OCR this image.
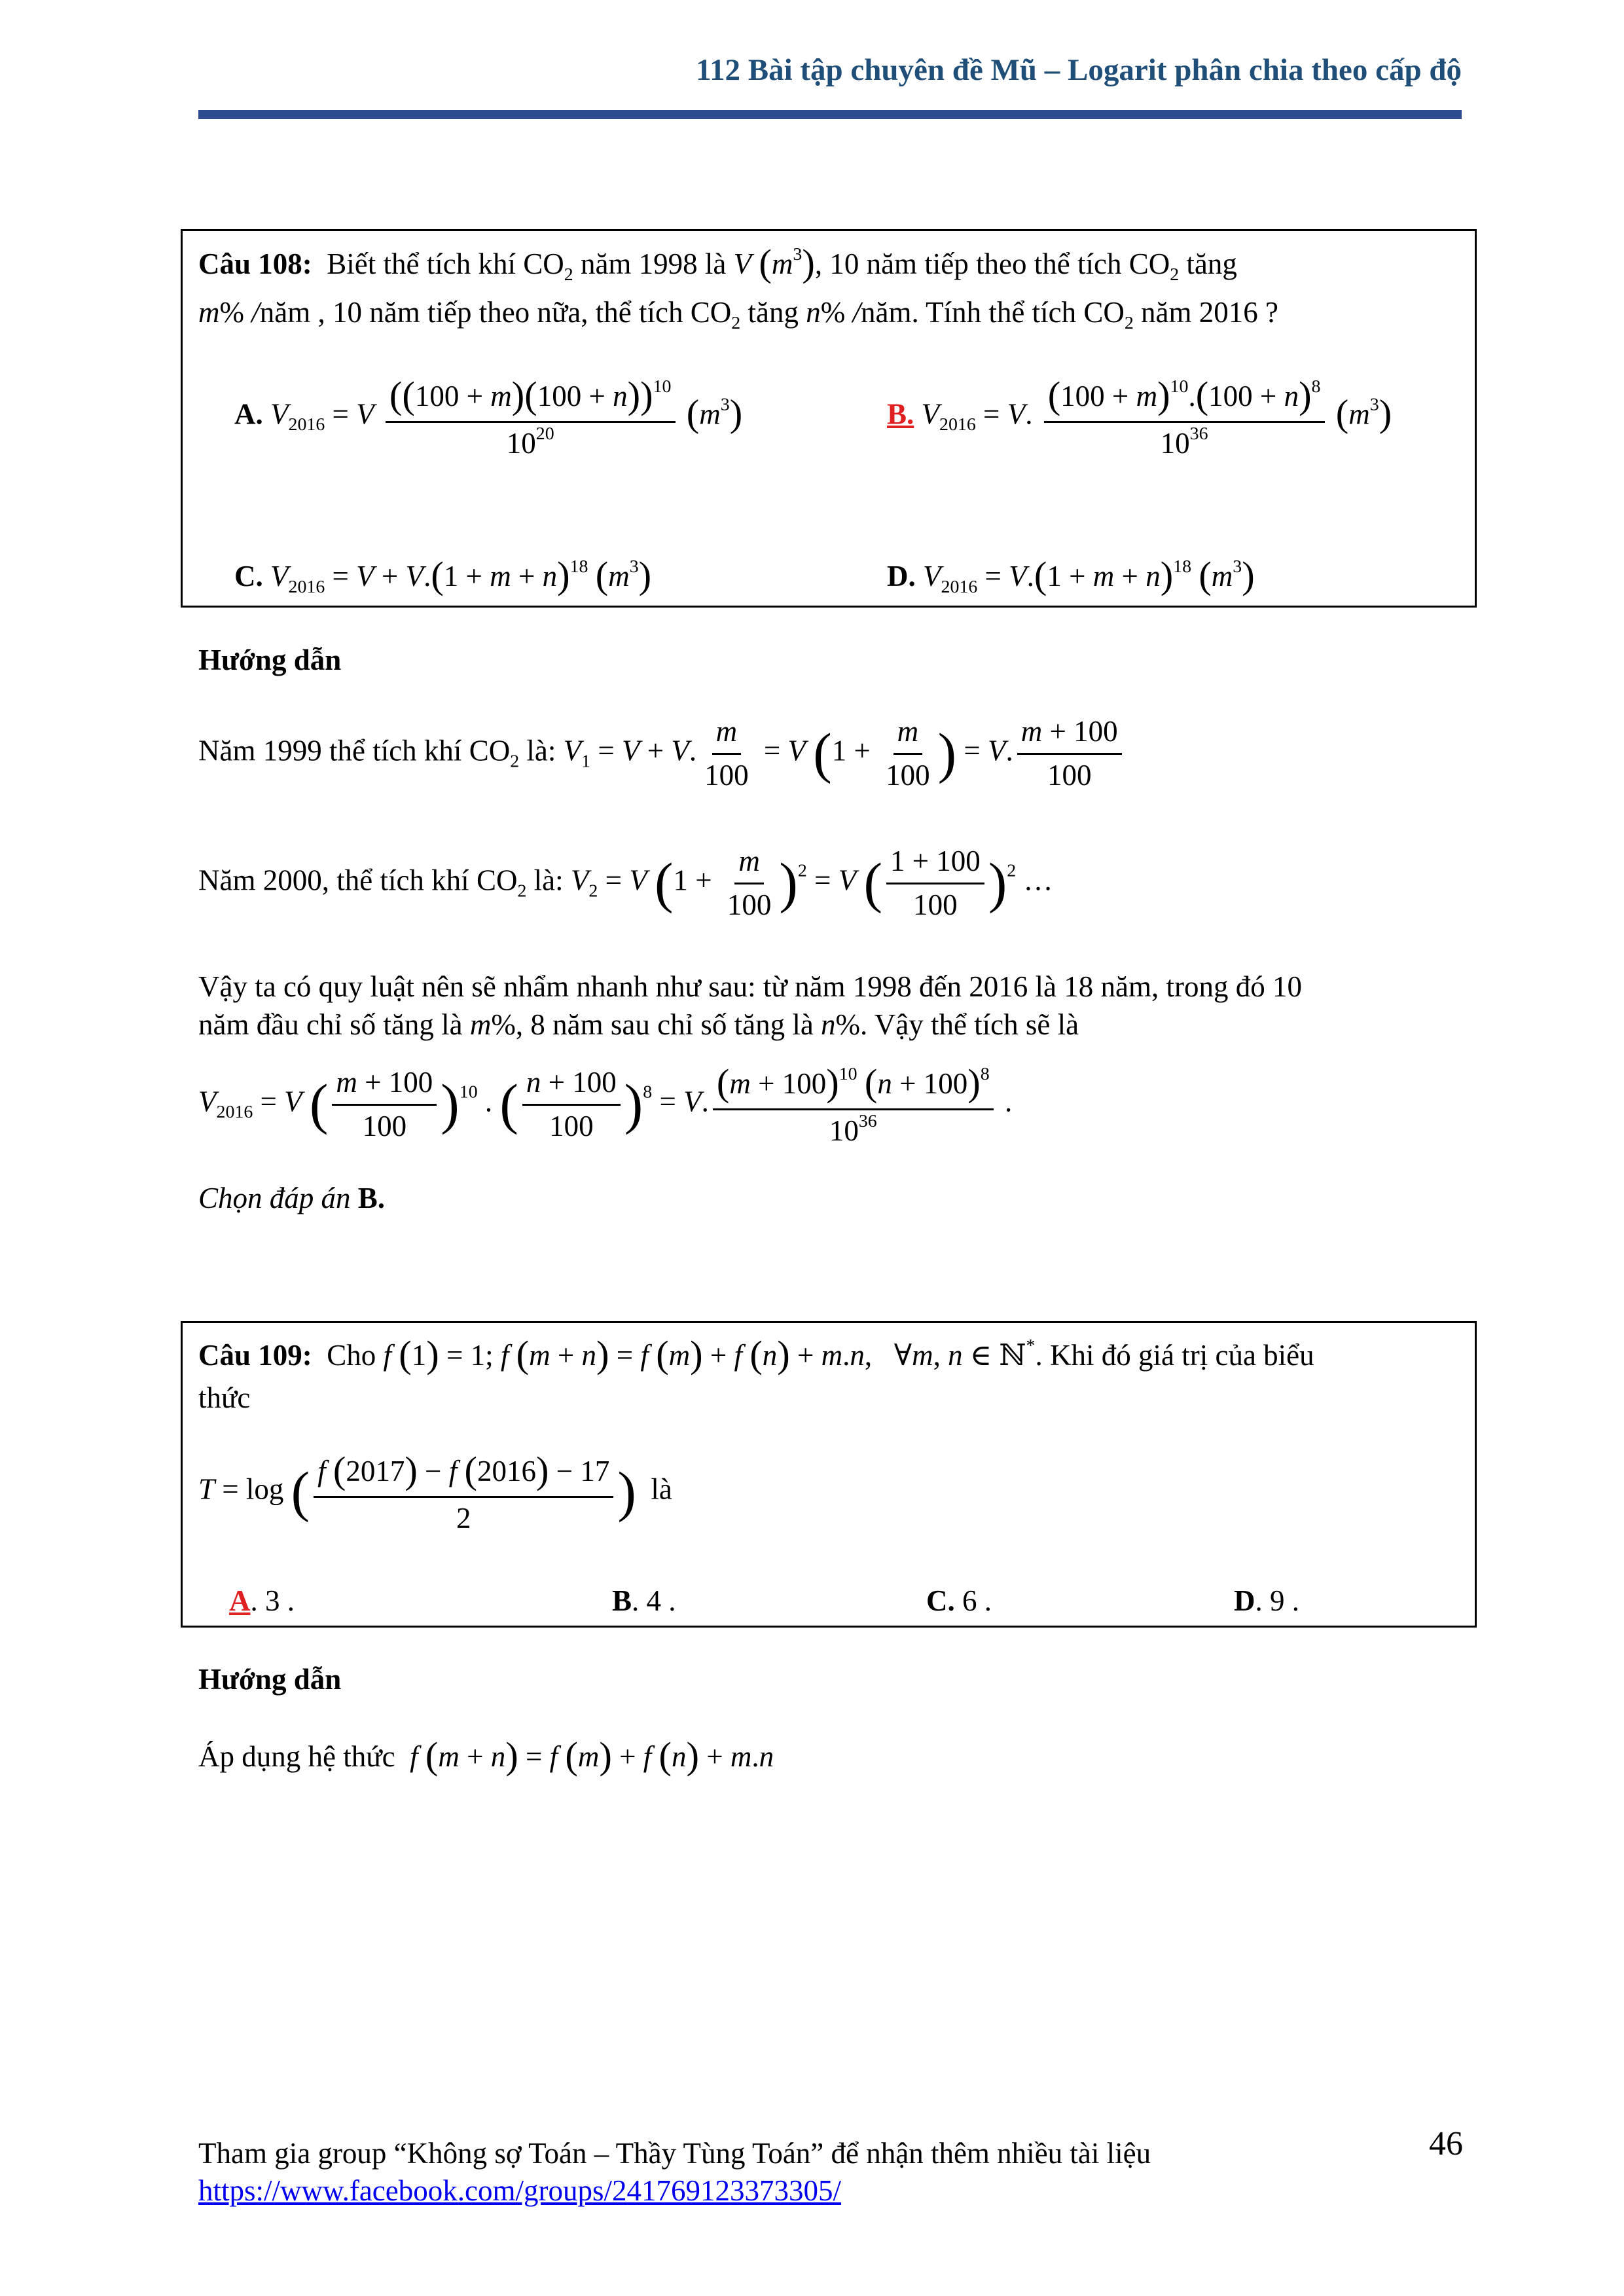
112 Bài tập chuyên đề Mũ – Logarit phân chia theo cấp độ
Câu 108: Biết thể tích khí $CO_2$ năm 1998 là V $(m^3)$, 10 năm tiếp theo thể tích $CO_2$ tăng
m% /năm , 10 năm tiếp theo nữa, thể tích $CO_2$ tăng n% /năm. Tính thể tích $CO_2$ năm 2016 ?
A. $V_{2016} = V \frac{((100 + m)(100 + n))^{10}}{10^{20}} (m^3)$	B. $V_{2016} = V$. $\frac{(100 + m)^{10}.(100 + n)^8}{10^{36}} (m^3)$
C. $V_{2016} = V + V.(1 + m + n)^{18}$ $(m^3)$	D. $V_{2016} = V.(1 + m + n)^{18}$ $(m^3)$
Hướng dẫn
Năm 1999 thể tích khí $CO_2$ là: $V_1 = V + V$. $\frac{m}{100} = V$ ($1 + \frac{m}{100}$ ) = V. $\frac{m + 100}{100}$
Năm 2000, thể tích khí $CO_2$ là: $V_2 = V$ $(1 + \frac{m}{100} )^2 = V$ ( $\frac{1 + 100}{100} )^2$ …
Vậy ta có quy luật nên sẽ nhẩm nhanh như sau: từ năm 1998 đến 2016 là 18 năm, trong đó 10
năm đầu chỉ số tăng là m%, 8 năm sau chỉ số tăng là n%. Vậy thể tích sẽ là
$V_{2016} = V$ ( $\frac{m + 100}{100} )^{10}$ . ( $\frac{n + 100}{100} )^8 = V$. $\frac{(m + 100)^{10} (n + 100)^8}{10^{36}}$ .
Chọn đáp án B.
Câu 109: Cho f (1) = 1; f (m + n) = f (m) + f (n) + m.n,   ∀m, n ∈ ℕ*. Khi đó giá trị của biểu
thức
T = log ( $\frac{f (2017) - f (2016) - 17}{2}$ ) là
A. 3 .	B. 4 .	C. 6 .	D. 9 .
Hướng dẫn
Áp dụng hệ thức f (m + n) = f (m) + f (n) + m.n
Tham gia group “Không sợ Toán – Thầy Tùng Toán” để nhận thêm nhiều tài liệu
https://www.facebook.com/groups/241769123373305/
46
